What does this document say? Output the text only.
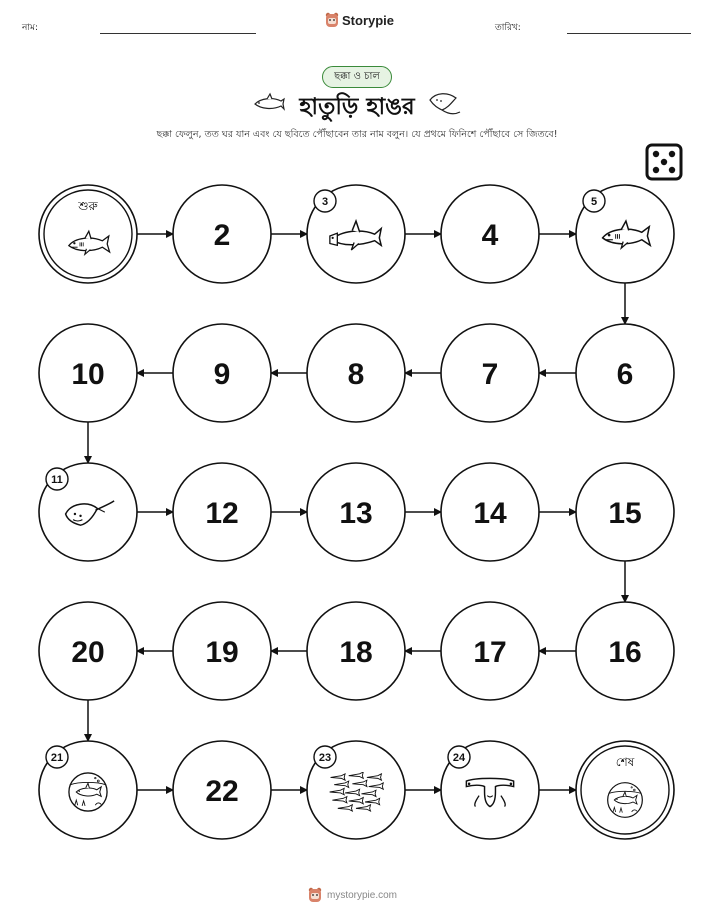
নাম:
Storypie
তারিখ:
ছক্কা ও চাল
হাতুড়ি হাঙর
ছক্কা ফেলুন, তত ঘর যান এবং যে ছবিতে পৌঁছাবেন তার নাম বলুন। যে প্রথমে ফিনিশে পৌঁছাবে সে জিতবে!
শুরু
2
3
4
5
6
7
8
9
10
11
12	13	14	15
16
17
18
19
20
21
22
23	24	শেষ
mystorypie.com
